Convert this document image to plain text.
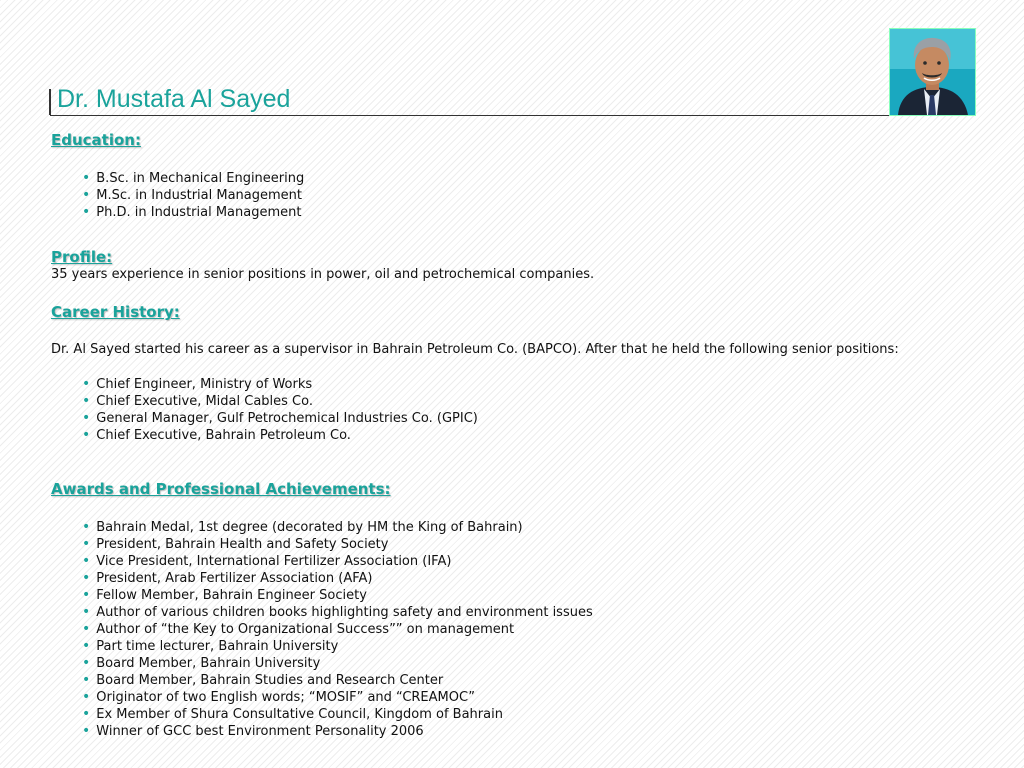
Dr. Mustafa Al Sayed
Education:
• B.Sc. in Mechanical Engineering
• M.Sc. in Industrial Management
• Ph.D. in Industrial Management
Profile:
35 years experience in senior positions in power, oil and petrochemical companies.
Career History:
Dr. Al Sayed started his career as a supervisor in Bahrain Petroleum Co. (BAPCO). After that he held the following senior positions:
• Chief Engineer, Ministry of Works
• Chief Executive, Midal Cables Co.
• General Manager, Gulf Petrochemical Industries Co. (GPIC)
• Chief Executive, Bahrain Petroleum Co.
Awards and Professional Achievements:
• Bahrain Medal, 1st degree (decorated by HM the King of Bahrain)
• President, Bahrain Health and Safety Society
• Vice President, International Fertilizer Association (IFA)
• President, Arab Fertilizer Association (AFA)
• Fellow Member, Bahrain Engineer Society
• Author of various children books highlighting safety and environment issues
• Author of “the Key to Organizational Success”” on management
• Part time lecturer, Bahrain University
• Board Member, Bahrain University
• Board Member, Bahrain Studies and Research Center
• Originator of two English words; “MOSIF” and “CREAMOC”
• Ex Member of Shura Consultative Council, Kingdom of Bahrain
• Winner of GCC best Environment Personality 2006
